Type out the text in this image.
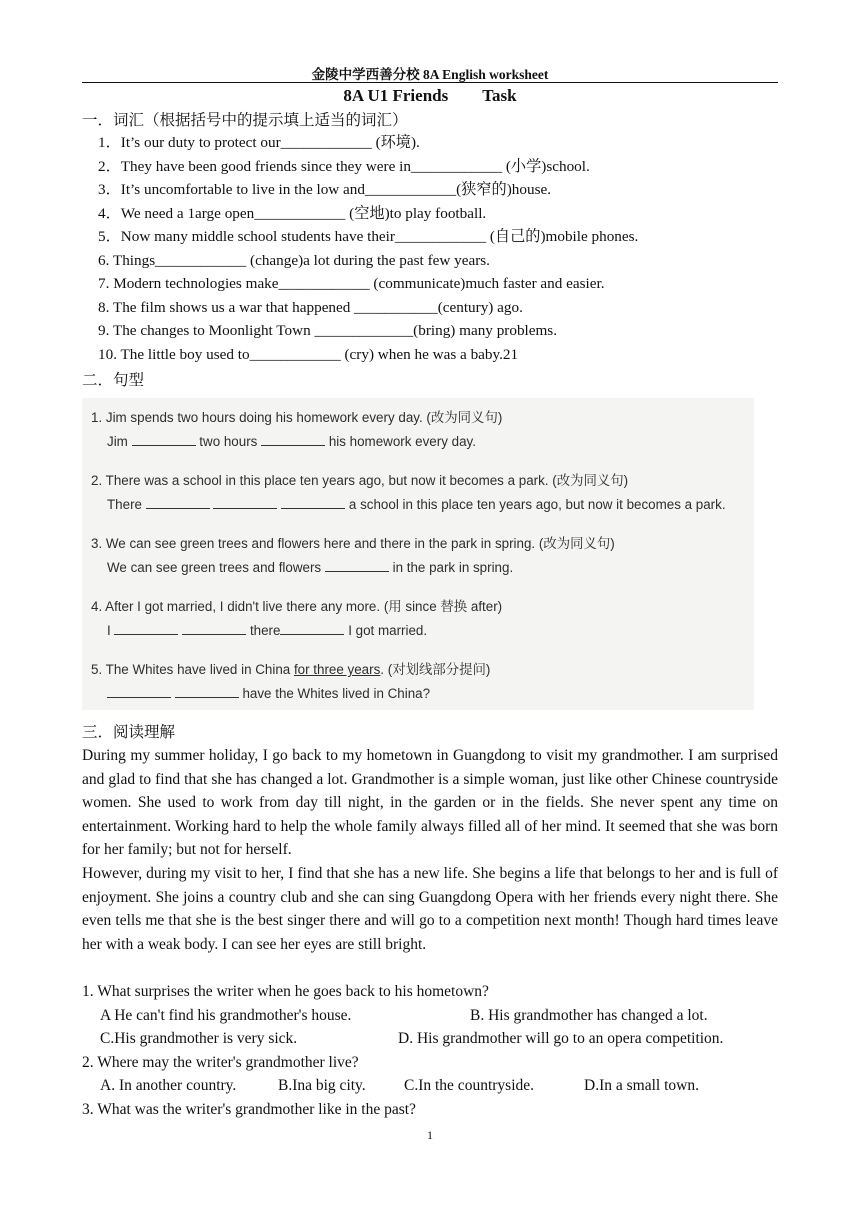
金陵中学西善分校 8A English worksheet
8A U1 Friends Task
一．词汇（根据括号中的提示填上适当的词汇）
1．It’s our duty to protect our____________ (环境).
2．They have been good friends since they were in____________ (小学)school.
3．It’s uncomfortable to live in the low and____________(狭窄的)house.
4．We need a 1arge open____________ (空地)to play football.
5．Now many middle school students have their____________ (自己的)mobile phones.
6. Things____________ (change)a lot during the past few years.
7. Modern technologies make____________ (communicate)much faster and easier.
8. The film shows us a war that happened ___________(century) ago.
9. The changes to Moonlight Town _____________(bring) many problems.
10. The little boy used to____________ (cry) when he was a baby.21
二．句型
1. Jim spends two hours doing his homework every day. (改为同义句)
Jim	two hours	his homework every day.
2. There was a school in this place ten years ago, but now it becomes a park. (改为同义句)
There	a school in this place ten years ago, but now it becomes a park.
3. We can see green trees and flowers here and there in the park in spring. (改为同义句)
We can see green trees and flowers	in the park in spring.
4. After I got married, I didn't live there any more. (用 since 替换 after)
I	there	I got married.
5. The Whites have lived in China for three years. (对划线部分提问)
have the Whites lived in China?
三．阅读理解

During my summer holiday, I go back to my hometown in Guangdong to visit my grandmother. I am surprised and glad to find that she has changed a lot. Grandmother is a simple woman, just like other Chinese countryside women. She used to work from day till night, in the garden or in the fields. She never spent any time on entertainment. Working hard to help the whole family always filled all of her mind. It seemed that she was born for her family; but not for herself.

However, during my visit to her, I find that she has a new life. She begins a life that belongs to her and is full of enjoyment. She joins a country club and she can sing Guangdong Opera with her friends every night there. She even tells me that she is the best singer there and will go to a competition next month! Though hard times leave her with a weak body. I can see her eyes are still bright.

1. What surprises the writer when he goes back to his hometown?
A He can't find his grandmother's house.	B. His grandmother has changed a lot.
C.His grandmother is very sick.	D. His grandmother will go to an opera competition.
2. Where may the writer's grandmother live?
A. In another country.	B.Ina big city. C.In the countryside.	D.In a small town.
3. What was the writer's grandmother like in the past?
1
